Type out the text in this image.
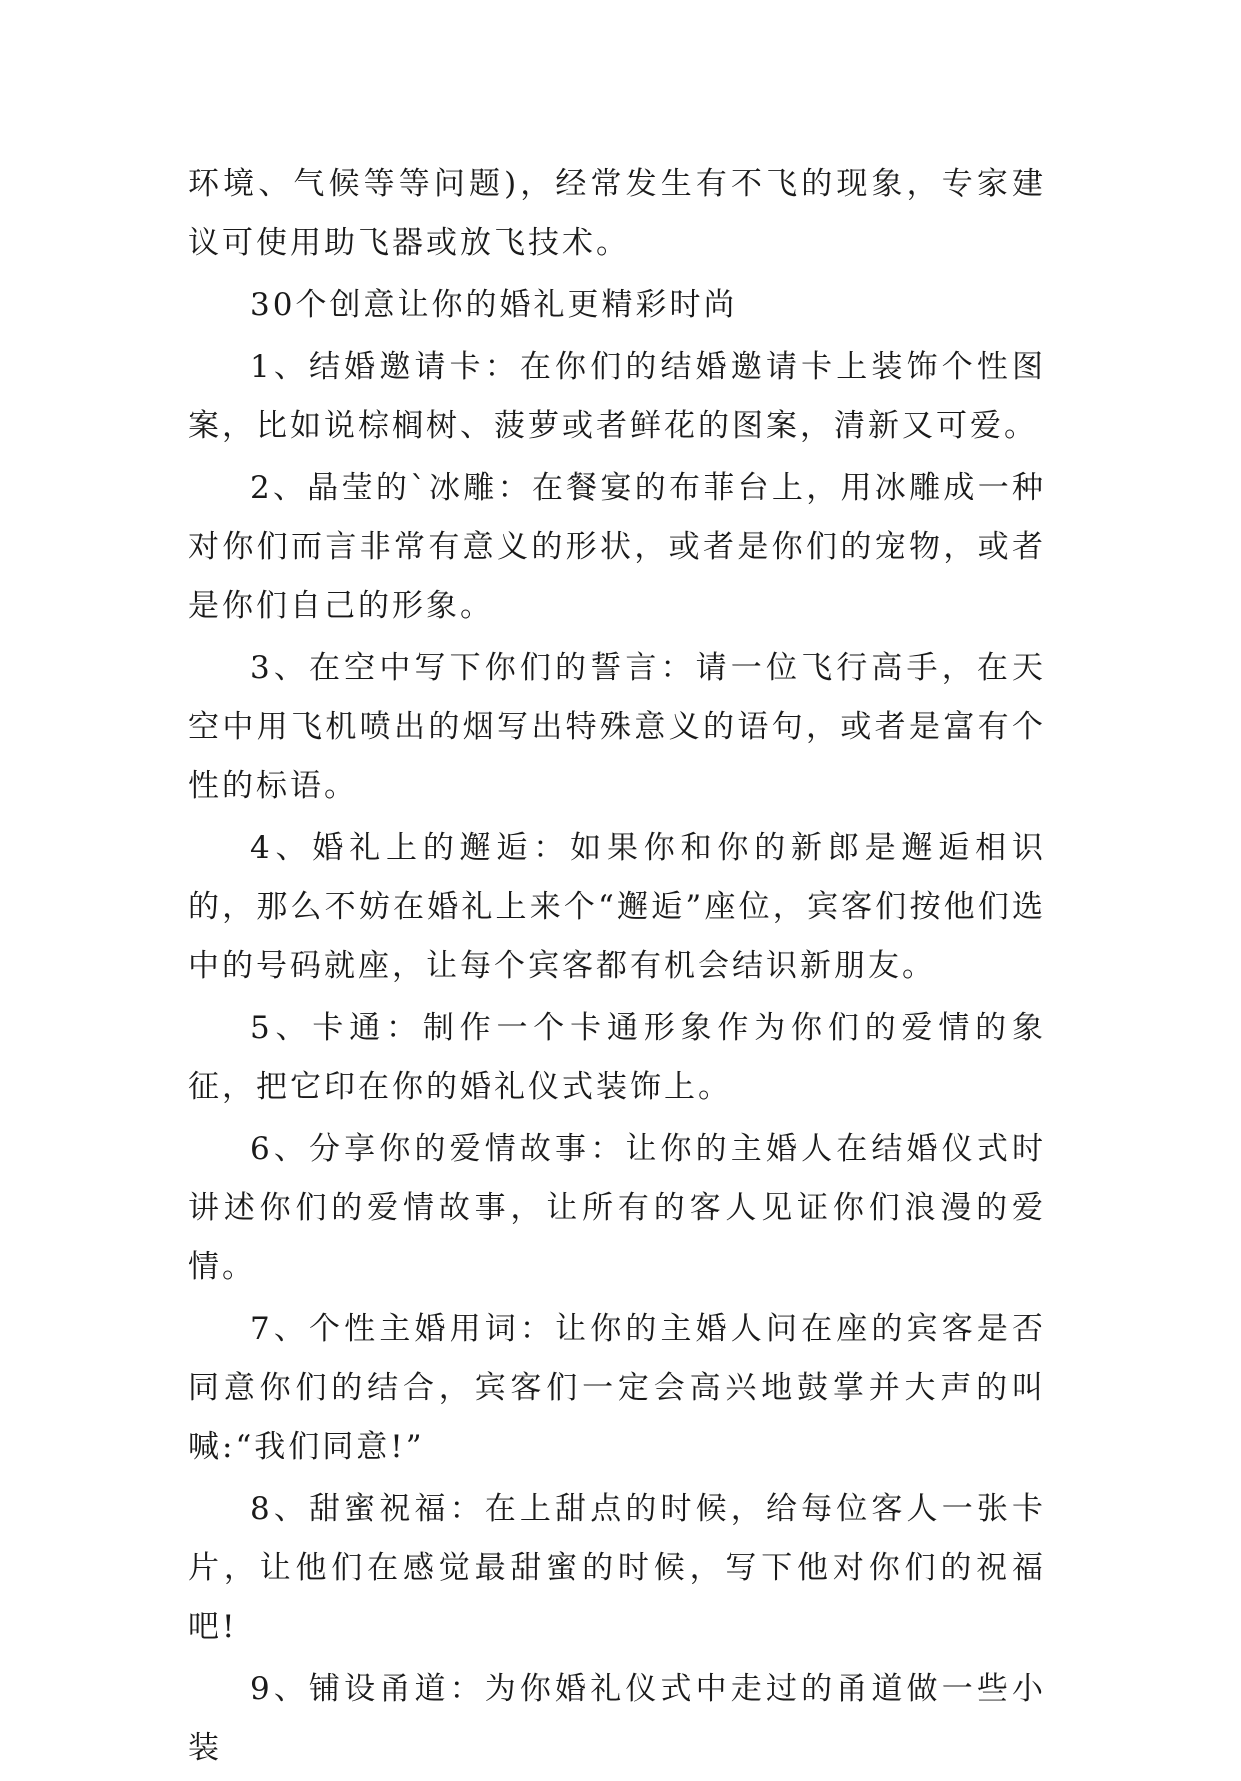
环境、气候等等问题)，经常发生有不飞的现象，专家建议可使用助飞器或放飞技术。

30个创意让你的婚礼更精彩时尚

1、结婚邀请卡：在你们的结婚邀请卡上装饰个性图案，比如说棕榈树、菠萝或者鲜花的图案，清新又可爱。

2、晶莹的`冰雕：在餐宴的布菲台上，用冰雕成一种对你们而言非常有意义的形状，或者是你们的宠物，或者是你们自己的形象。

3、在空中写下你们的誓言：请一位飞行高手，在天空中用飞机喷出的烟写出特殊意义的语句，或者是富有个性的标语。

4、婚礼上的邂逅：如果你和你的新郎是邂逅相识的，那么不妨在婚礼上来个“邂逅”座位，宾客们按他们选中的号码就座，让每个宾客都有机会结识新朋友。

5、卡通：制作一个卡通形象作为你们的爱情的象征，把它印在你的婚礼仪式装饰上。

6、分享你的爱情故事：让你的主婚人在结婚仪式时讲述你们的爱情故事，让所有的客人见证你们浪漫的爱情。

7、个性主婚用词：让你的主婚人问在座的宾客是否同意你们的结合，宾客们一定会高兴地鼓掌并大声的叫喊:“我们同意!”

8、甜蜜祝福：在上甜点的时候，给每位客人一张卡片，让他们在感觉最甜蜜的时候，写下他对你们的祝福吧!

9、铺设甬道：为你婚礼仪式中走过的甬道做一些小装
